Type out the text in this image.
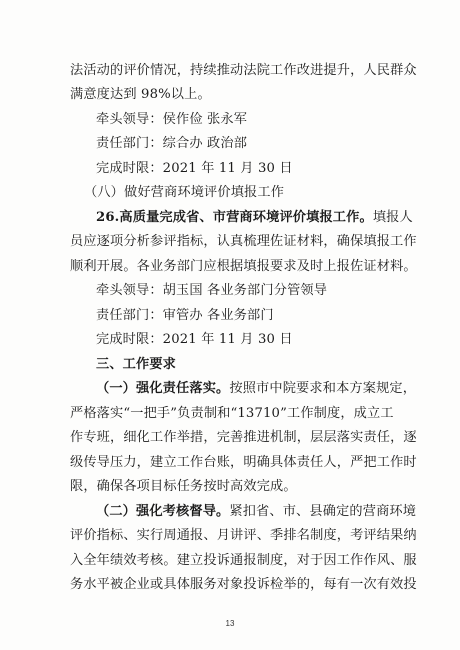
法活动的评价情况，持续推动法院工作改进提升，人民群众
满意度达到 98%以上。
牵头领导：侯作俭 张永军
责任部门：综合办 政治部
完成时限：2021 年 11 月 30 日
（八）做好营商环境评价填报工作
26.高质量完成省、市营商环境评价填报工作。填报人
员应逐项分析参评指标，认真梳理佐证材料，确保填报工作
顺利开展。各业务部门应根据填报要求及时上报佐证材料。
牵头领导：胡玉国 各业务部门分管领导
责任部门：审管办 各业务部门
完成时限：2021 年 11 月 30 日
三、工作要求
（一）强化责任落实。按照市中院要求和本方案规定，
严格落实“一把手”负责制和“13710”工作制度，成立工
作专班，细化工作举措，完善推进机制，层层落实责任，逐
级传导压力，建立工作台账，明确具体责任人，严把工作时
限，确保各项目标任务按时高效完成。
（二）强化考核督导。紧扣省、市、县确定的营商环境
评价指标、实行周通报、月讲评、季排名制度，考评结果纳
入全年绩效考核。建立投诉通报制度，对于因工作作风、服
务水平被企业或具体服务对象投诉检举的，每有一次有效投
13
